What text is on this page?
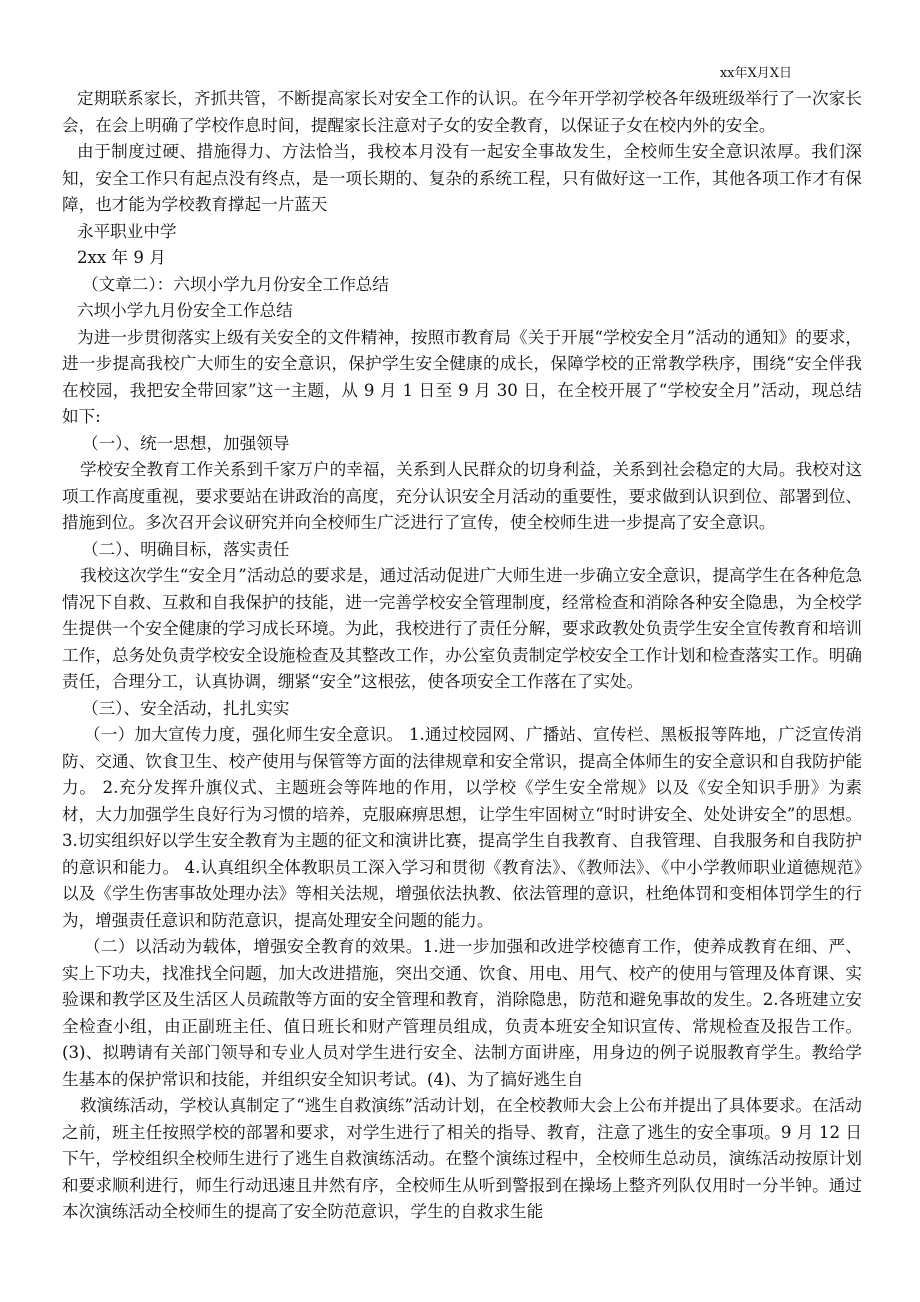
xx年X月X日

定期联系家长，齐抓共管，不断提高家长对安全工作的认识。在今年开学初学校各年级班级举行了一次家长会，在会上明确了学校作息时间，提醒家长注意对子女的安全教育，以保证子女在校内外的安全。

由于制度过硬、措施得力、方法恰当，我校本月没有一起安全事故发生，全校师生安全意识浓厚。我们深知，安全工作只有起点没有终点，是一项长期的、复杂的系统工程，只有做好这一工作，其他各项工作才有保障，也才能为学校教育撑起一片蓝天

永平职业中学

2xx 年 9 月

（文章二）：六坝小学九月份安全工作总结

六坝小学九月份安全工作总结

为进一步贯彻落实上级有关安全的文件精神，按照市教育局《关于开展“学校安全月”活动的通知》的要求，进一步提高我校广大师生的安全意识，保护学生安全健康的成长，保障学校的正常教学秩序，围绕“安全伴我在校园，我把安全带回家”这一主题，从 9 月 1 日至 9 月 30 日，在全校开展了“学校安全月”活动，现总结如下:

（一）、统一思想，加强领导

学校安全教育工作关系到千家万户的幸福，关系到人民群众的切身利益，关系到社会稳定的大局。我校对这项工作高度重视，要求要站在讲政治的高度，充分认识安全月活动的重要性，要求做到认识到位、部署到位、措施到位。多次召开会议研究并向全校师生广泛进行了宣传，使全校师生进一步提高了安全意识。

（二）、明确目标，落实责任

我校这次学生“安全月”活动总的要求是，通过活动促进广大师生进一步确立安全意识，提高学生在各种危急情况下自救、互救和自我保护的技能，进一完善学校安全管理制度，经常检查和消除各种安全隐患，为全校学生提供一个安全健康的学习成长环境。为此，我校进行了责任分解，要求政教处负责学生安全宣传教育和培训工作，总务处负责学校安全设施检查及其整改工作，办公室负责制定学校安全工作计划和检查落实工作。明确责任，合理分工，认真协调，绷紧“安全”这根弦，使各项安全工作落在了实处。

（三）、安全活动，扎扎实实

（一）加大宣传力度，强化师生安全意识。 1.通过校园网、广播站、宣传栏、黑板报等阵地，广泛宣传消防、交通、饮食卫生、校产使用与保管等方面的法律规章和安全常识，提高全体师生的安全意识和自我防护能力。 2.充分发挥升旗仪式、主题班会等阵地的作用，以学校《学生安全常规》以及《安全知识手册》为素材，大力加强学生良好行为习惯的培养，克服麻痹思想，让学生牢固树立“时时讲安全、处处讲安全”的思想。 3.切实组织好以学生安全教育为主题的征文和演讲比赛，提高学生自我教育、自我管理、自我服务和自我防护的意识和能力。 4.认真组织全体教职员工深入学习和贯彻《教育法》、《教师法》、《中小学教师职业道德规范》以及《学生伤害事故处理办法》等相关法规，增强依法执教、依法管理的意识，杜绝体罚和变相体罚学生的行为，增强责任意识和防范意识，提高处理安全问题的能力。

（二）以活动为载体，增强安全教育的效果。1.进一步加强和改进学校德育工作，使养成教育在细、严、实上下功夫，找准找全问题，加大改进措施，突出交通、饮食、用电、用气、校产的使用与管理及体育课、实验课和教学区及生活区人员疏散等方面的安全管理和教育，消除隐患，防范和避免事故的发生。2.各班建立安全检查小组，由正副班主任、值日班长和财产管理员组成，负责本班安全知识宣传、常规检查及报告工作。(3)、拟聘请有关部门领导和专业人员对学生进行安全、法制方面讲座，用身边的例子说服教育学生。教给学生基本的保护常识和技能，并组织安全知识考试。(4)、为了搞好逃生自

救演练活动，学校认真制定了“逃生自救演练”活动计划，在全校教师大会上公布并提出了具体要求。在活动之前，班主任按照学校的部署和要求，对学生进行了相关的指导、教育，注意了逃生的安全事项。9 月 12 日下午，学校组织全校师生进行了逃生自救演练活动。在整个演练过程中，全校师生总动员，演练活动按原计划和要求顺利进行，师生行动迅速且井然有序，全校师生从听到警报到在操场上整齐列队仅用时一分半钟。通过本次演练活动全校师生的提高了安全防范意识，学生的自救求生能
